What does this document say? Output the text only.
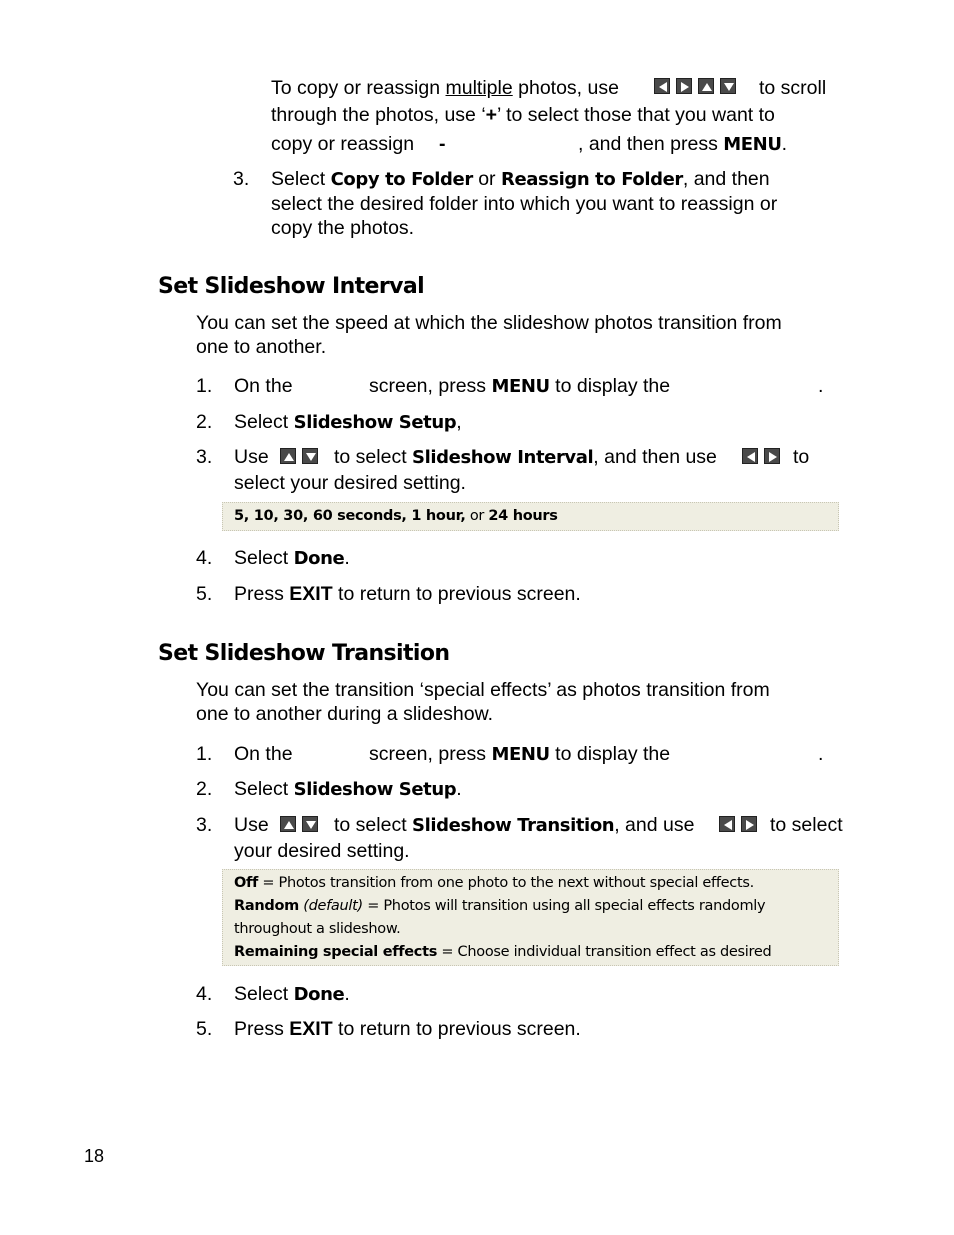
To copy or reassign multiple photos, use	to scroll
through the photos, use ‘+’ to select those that you want to
copy or reassign -	, and then press MENU.
3. Select Copy to Folder or Reassign to Folder, and then
select the desired folder into which you want to reassign or
copy the photos.
Set Slideshow Interval
You can set the speed at which the slideshow photos transition from
one to another.
1. On the	screen, press MENU to display the	.
2. Select Slideshow Setup,
3. Use	to select Slideshow Interval, and then use	to
select your desired setting.
5, 10, 30, 60 seconds, 1 hour, or 24 hours
4. Select Done.
5. Press EXIT to return to previous screen.
Set Slideshow Transition
You can set the transition ‘special effects’ as photos transition from
one to another during a slideshow.
1. On the	screen, press MENU to display the	.
2. Select Slideshow Setup.
3. Use	to select Slideshow Transition, and use	to select
your desired setting.
Off = Photos transition from one photo to the next without special effects.
Random (default) = Photos will transition using all special effects randomly
throughout a slideshow.
Remaining special effects = Choose individual transition effect as desired
4. Select Done.
5. Press EXIT to return to previous screen.
18
